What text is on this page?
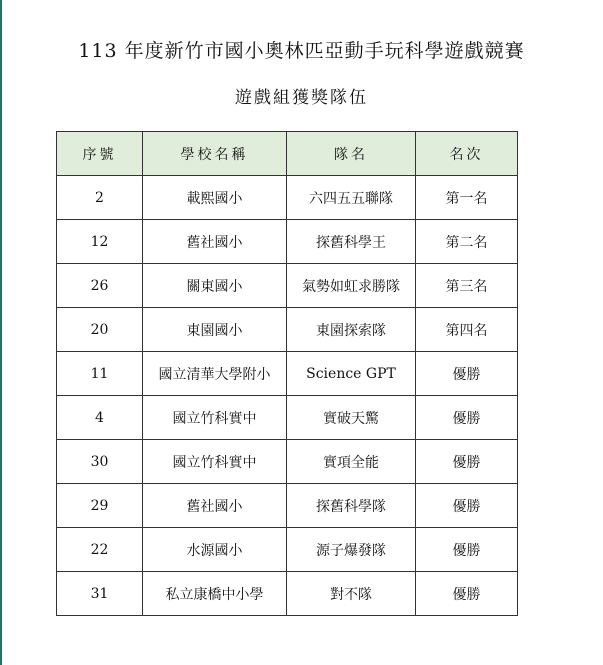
113 年度新竹市國小奧林匹亞動手玩科學遊戲競賽
遊戲組獲獎隊伍
序號	學校名稱	隊名	名次
2	載熙國小	六四五五聯隊	第一名
12	舊社國小	探舊科學王	第二名
26	關東國小	氣勢如虹求勝隊	第三名
20	東園國小	東園探索隊	第四名
11	國立清華大學附小	Science GPT	優勝
4	國立竹科實中	實破天驚	優勝
30	國立竹科實中	實項全能	優勝
29	舊社國小	探舊科學隊	優勝
22	水源國小	源子爆發隊	優勝
31	私立康橋中小學	對不隊	優勝
